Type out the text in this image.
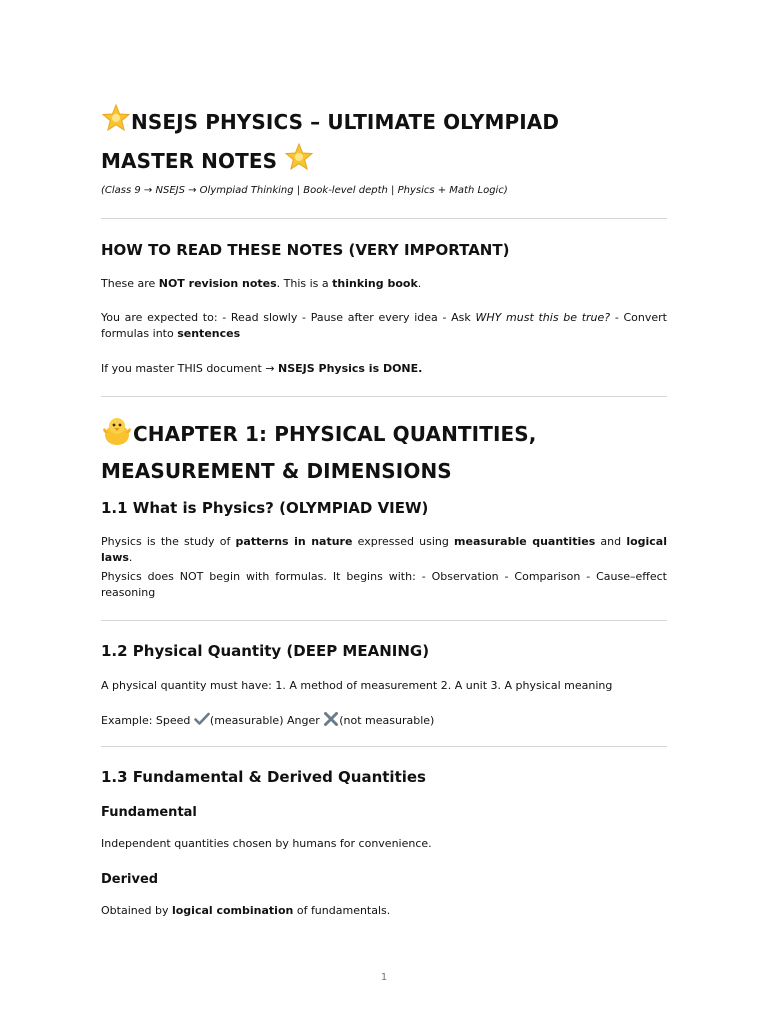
NSEJS PHYSICS – ULTIMATE OLYMPIAD
MASTER NOTES
(Class 9 → NSEJS → Olympiad Thinking | Book-level depth | Physics + Math Logic)
HOW TO READ THESE NOTES (VERY IMPORTANT)
These are NOT revision notes. This is a thinking book.
You are expected to: - Read slowly - Pause after every idea - Ask WHY must this be true? - Convert formulas into sentences
If you master THIS document → NSEJS Physics is DONE.
CHAPTER 1: PHYSICAL QUANTITIES,
MEASUREMENT & DIMENSIONS
1.1 What is Physics? (OLYMPIAD VIEW)
Physics is the study of patterns in nature expressed using measurable quantities and logical laws.
Physics does NOT begin with formulas. It begins with: - Observation - Comparison - Cause–effect reasoning
1.2 Physical Quantity (DEEP MEANING)
A physical quantity must have: 1. A method of measurement 2. A unit 3. A physical meaning
Example: Speed (measurable) Anger (not measurable)
1.3 Fundamental & Derived Quantities
Fundamental
Independent quantities chosen by humans for convenience.
Derived
Obtained by logical combination of fundamentals.
1
